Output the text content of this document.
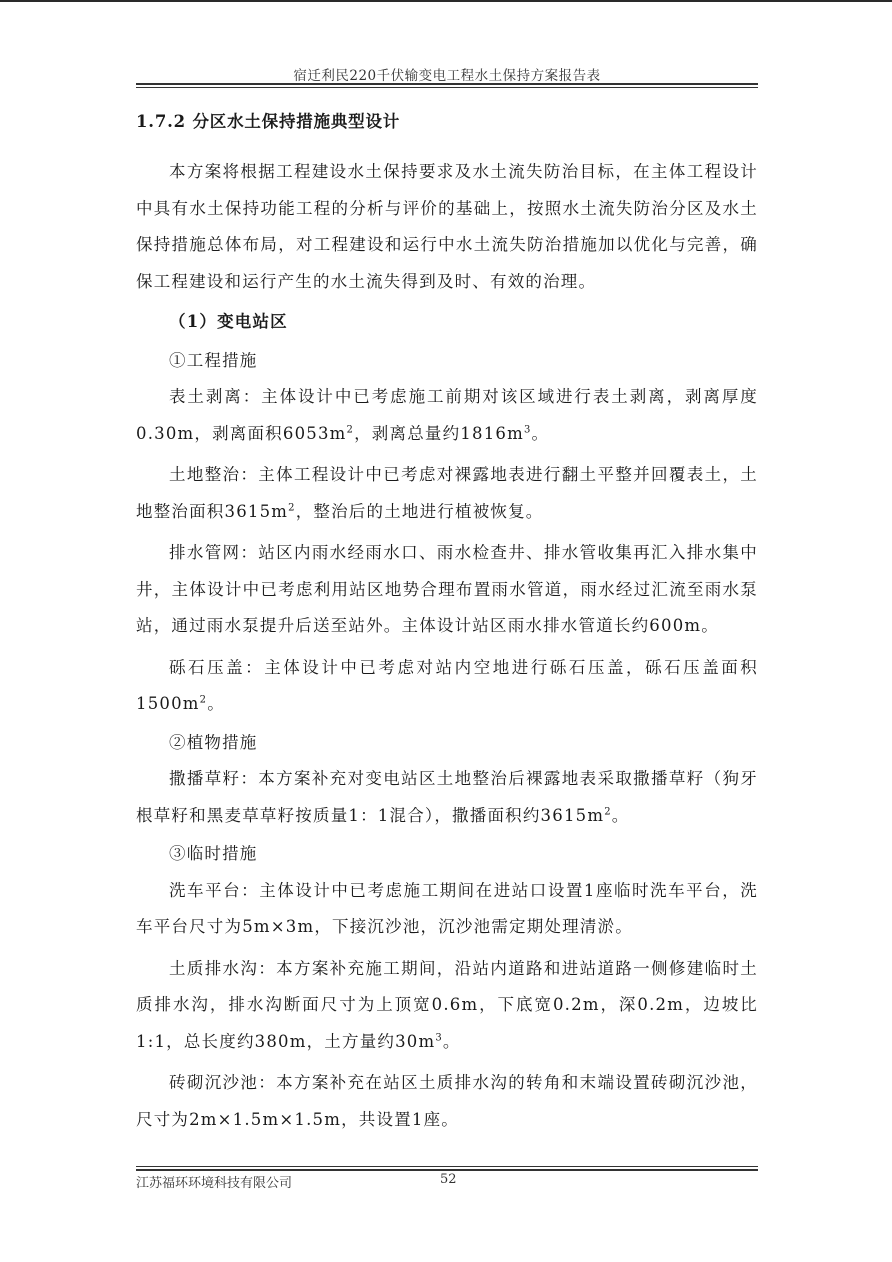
宿迁利民220千伏输变电工程水土保持方案报告表

1.7.2 分区水土保持措施典型设计

本方案将根据工程建设水土保持要求及水土流失防治目标，在主体工程设计中具有水土保持功能工程的分析与评价的基础上，按照水土流失防治分区及水土保持措施总体布局，对工程建设和运行中水土流失防治措施加以优化与完善，确保工程建设和运行产生的水土流失得到及时、有效的治理。

（1）变电站区

①工程措施

表土剥离：主体设计中已考虑施工前期对该区域进行表土剥离，剥离厚度0.30m，剥离面积$6053m^2$，剥离总量约$1816m^3$。

土地整治：主体工程设计中已考虑对裸露地表进行翻土平整并回覆表土，土地整治面积$3615m^2$，整治后的土地进行植被恢复。

排水管网：站区内雨水经雨水口、雨水检查井、排水管收集再汇入排水集中井，主体设计中已考虑利用站区地势合理布置雨水管道，雨水经过汇流至雨水泵站，通过雨水泵提升后送至站外。主体设计站区雨水排水管道长约600m。

砾石压盖：主体设计中已考虑对站内空地进行砾石压盖，砾石压盖面积$1500m^2$。

②植物措施

撒播草籽：本方案补充对变电站区土地整治后裸露地表采取撒播草籽（狗牙根草籽和黑麦草草籽按质量1：1混合），撒播面积约$3615m^2$。

③临时措施

洗车平台：主体设计中已考虑施工期间在进站口设置1座临时洗车平台，洗车平台尺寸为5m×3m，下接沉沙池，沉沙池需定期处理清淤。

土质排水沟：本方案补充施工期间，沿站内道路和进站道路一侧修建临时土质排水沟，排水沟断面尺寸为上顶宽0.6m，下底宽0.2m，深0.2m，边坡比1:1，总长度约380m，土方量约$30m^3$。

砖砌沉沙池：本方案补充在站区土质排水沟的转角和末端设置砖砌沉沙池，尺寸为2m×1.5m×1.5m，共设置1座。

江苏福环环境科技有限公司	52
